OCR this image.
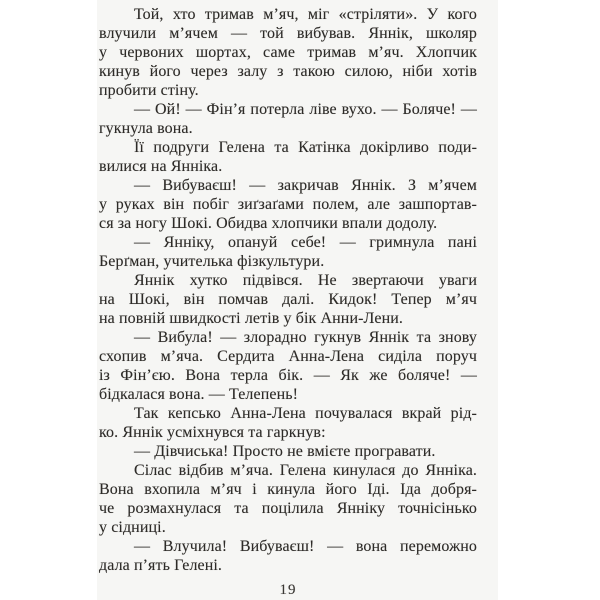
Той, хто тримав м’яч, міг «стріляти». У кого
влучили м’ячем — той вибував. Яннік, школяр
у червоних шортах, саме тримав м’яч. Хлопчик
кинув його через залу з такою силою, ніби хотів
пробити стіну.
— Ой! — Фін’я потерла ліве вухо. — Боляче! —
гукнула вона.
Її подруги Гелена та Катінка докірливо поди-
вилися на Янніка.
— Вибуваєш! — закричав Яннік. З м’ячем
у руках він побіг зиґзаґами полем, але зашпортав-
ся за ногу Шокі. Обидва хлопчики впали додолу.
— Янніку, опануй себе! — гримнула пані
Берґман, учителька фізкультури.
Яннік хутко підвівся. Не звертаючи уваги
на Шокі, він помчав далі. Кидок! Тепер м’яч
на повній швидкості летів у бік Анни-Лени.
— Вибула! — злорадно гукнув Яннік та знову
схопив м’яча. Сердита Анна-Лена сиділа поруч
із Фін’єю. Вона терла бік. — Як же боляче! —
бідкалася вона. — Телепень!
Так кепсько Анна-Лена почувалася вкрай рід-
ко. Яннік усміхнувся та гаркнув:
— Дівчиська! Просто не вмієте програвати.
Сілас відбив м’яча. Гелена кинулася до Янніка.
Вона вхопила м’яч і кинула його Іді. Іда добря-
че розмахнулася та поцілила Янніку точнісінько
у сідниці.
— Влучила! Вибуваєш! — вона переможно
дала п’ять Гелені.
19
